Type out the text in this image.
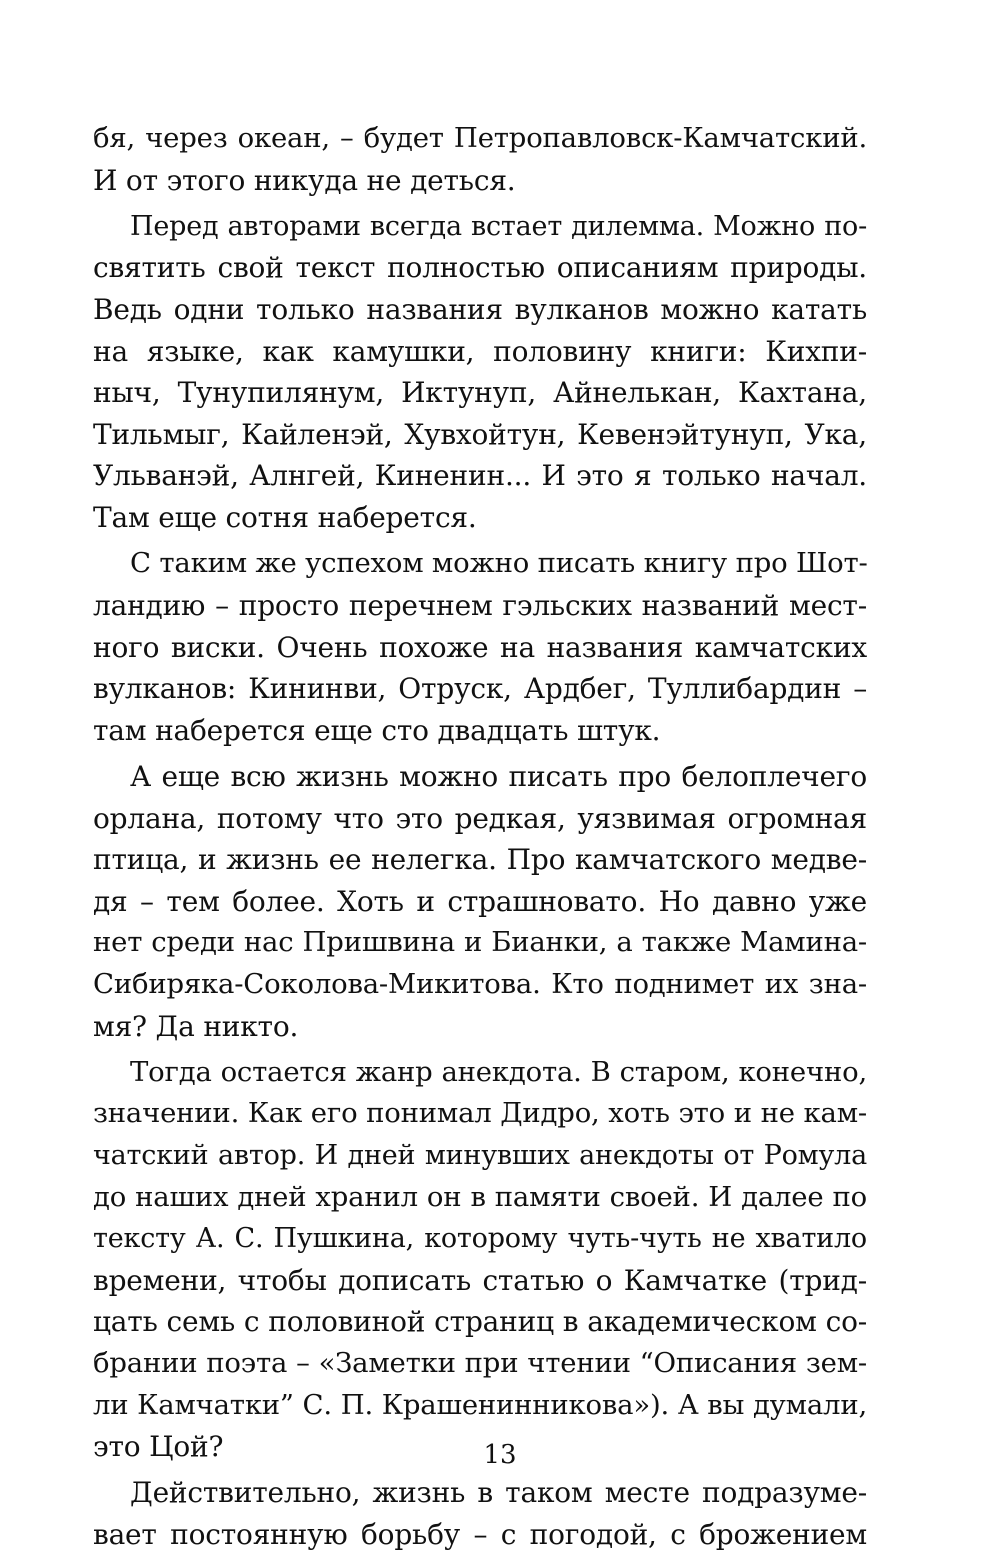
бя, через океан, – будет Петропавловск-Камчатский.
И от этого никуда не деться.
Перед авторами всегда встает дилемма. Можно по-
святить свой текст полностью описаниям природы.
Ведь одни только названия вулканов можно катать
на языке, как камушки, половину книги: Кихпи-
ныч, Тунупилянум, Иктунуп, Айнелькан, Кахтана,
Тильмыг, Кайленэй, Хувхойтун, Кевенэйтунуп, Ука,
Ульванэй, Алнгей, Киненин... И это я только начал.
Там еще сотня наберется.
С таким же успехом можно писать книгу про Шот-
ландию – просто перечнем гэльских названий мест-
ного виски. Очень похоже на названия камчатских
вулканов: Кининви, Отруск, Ардбег, Туллибардин –
там наберется еще сто двадцать штук.
А еще всю жизнь можно писать про белоплечего
орлана, потому что это редкая, уязвимая огромная
птица, и жизнь ее нелегка. Про камчатского медве-
дя – тем более. Хоть и страшновато. Но давно уже
нет среди нас Пришвина и Бианки, а также Мамина-
Сибиряка-Соколова-Микитова. Кто поднимет их зна-
мя? Да никто.
Тогда остается жанр анекдота. В старом, конечно,
значении. Как его понимал Дидро, хоть это и не кам-
чатский автор. И дней минувших анекдоты от Ромула
до наших дней хранил он в памяти своей. И далее по
тексту А. С. Пушкина, которому чуть-чуть не хватило
времени, чтобы дописать статью о Камчатке (трид-
цать семь с половиной страниц в академическом со-
брании поэта – «Заметки при чтении “Описания зем-
ли Камчатки” С. П. Крашенинникова»). А вы думали,
это Цой?
Действительно, жизнь в таком месте подразуме-
вает постоянную борьбу – с погодой, с брожением
13
